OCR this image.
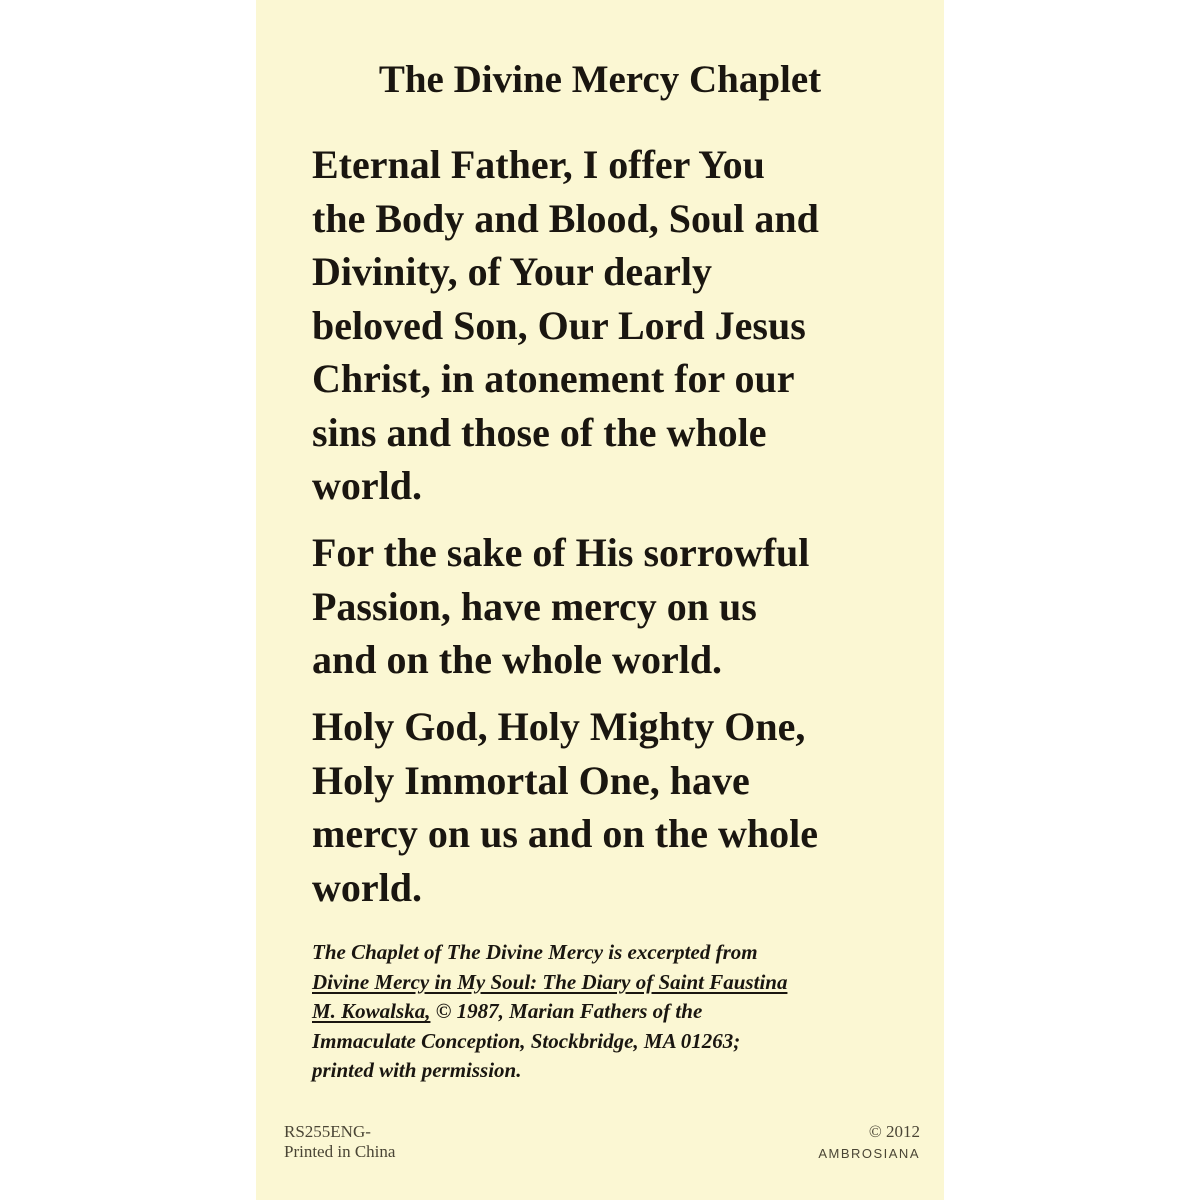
The Divine Mercy Chaplet

Eternal Father, I offer You
the Body and Blood, Soul and
Divinity, of Your dearly
beloved Son, Our Lord Jesus
Christ, in atonement for our
sins and those of the whole
world.

For the sake of His sorrowful
Passion, have mercy on us
and on the whole world.

Holy God, Holy Mighty One,
Holy Immortal One, have
mercy on us and on the whole
world.

The Chaplet of The Divine Mercy is excerpted from
Divine Mercy in My Soul: The Diary of Saint Faustina
M. Kowalska, © 1987, Marian Fathers of the
Immaculate Conception, Stockbridge, MA 01263;
printed with permission.
RS255ENG-
Printed in China
© 2012
AMBROSIANA
